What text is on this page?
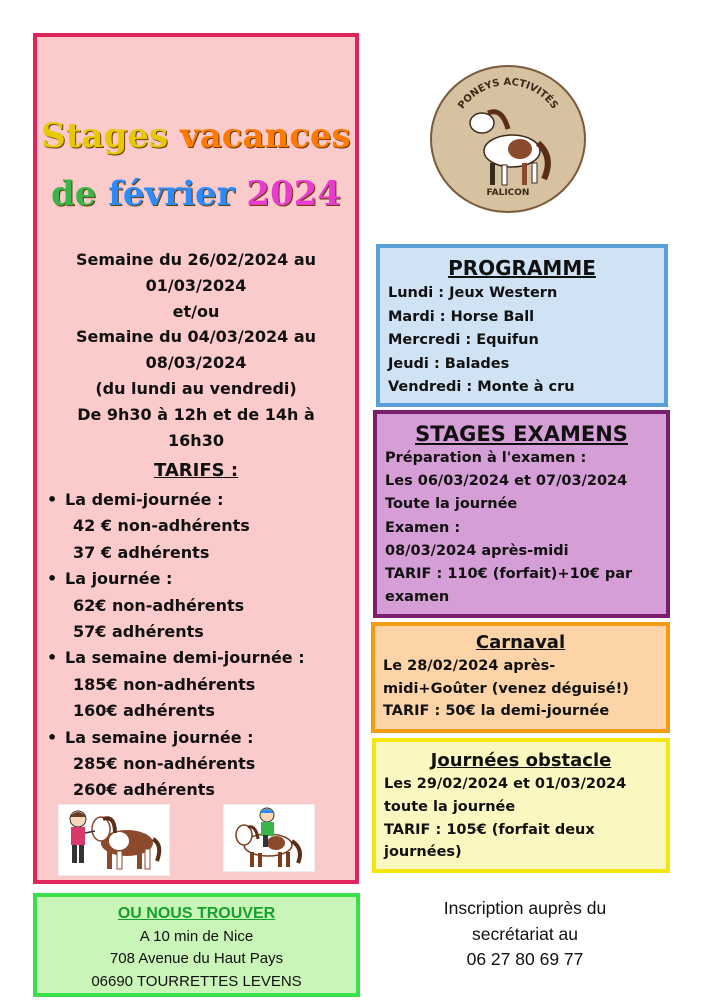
Stages vacances
de février 2024
Semaine du 26/02/2024 au
01/03/2024
et/ou
Semaine du 04/03/2024 au
08/03/2024
(du lundi au vendredi)
De 9h30 à 12h et de 14h à
16h30
TARIFS :
• La demi-journée :
42 € non-adhérents
37 € adhérents
• La journée :
62€ non-adhérents
57€ adhérents
• La semaine demi-journée :
185€ non-adhérents
160€ adhérents
• La semaine journée :
285€ non-adhérents
260€ adhérents
PONEYS ACTIVITÉS
FALICON
PROGRAMME
Lundi : Jeux Western
Mardi : Horse Ball
Mercredi : Equifun
Jeudi : Balades
Vendredi : Monte à cru
STAGES EXAMENS
Préparation à l'examen :
Les 06/03/2024 et 07/03/2024
Toute la journée
Examen :
08/03/2024 après-midi
TARIF : 110€ (forfait)+10€ par
examen
Carnaval
Le 28/02/2024 après-
midi+Goûter (venez déguisé!)
TARIF : 50€ la demi-journée
Journées obstacle
Les 29/02/2024 et 01/03/2024
toute la journée
TARIF : 105€ (forfait deux
journées)
OU NOUS TROUVER
A 10 min de Nice
708 Avenue du Haut Pays
06690 TOURRETTES LEVENS
Inscription auprès du
secrétariat au
06 27 80 69 77
